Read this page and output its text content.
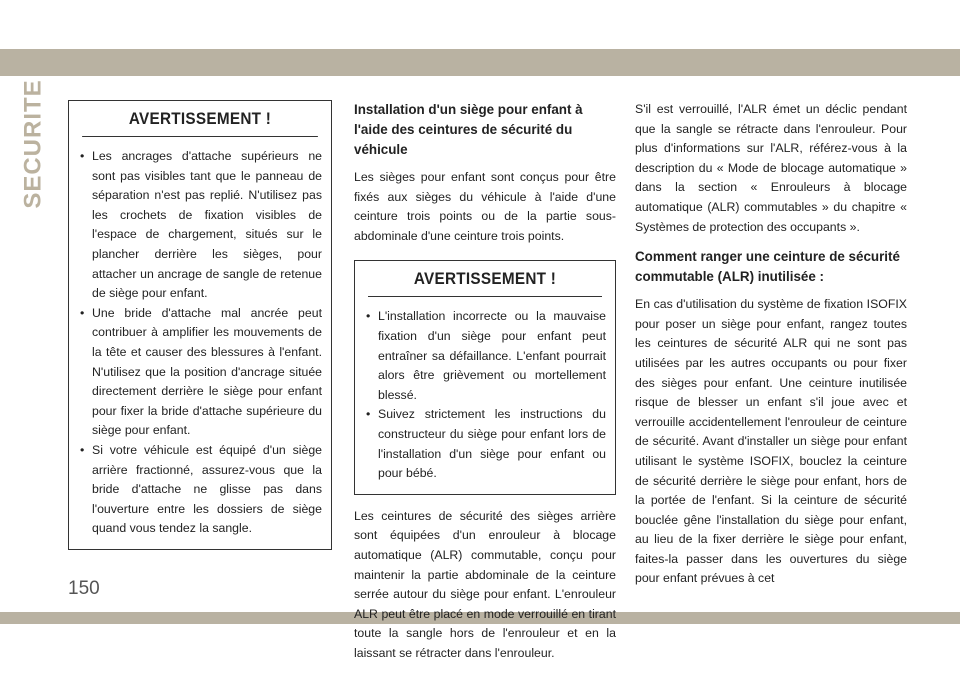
SECURITE	AVERTISSEMENT !
• Les ancrages d'attache supérieurs ne sont pas visibles tant que le panneau de séparation n'est pas replié. N'utilisez pas les crochets de fixation visibles de l'espace de chargement, situés sur le plancher derrière les sièges, pour attacher un ancrage de sangle de retenue de siège pour enfant.
• Une bride d'attache mal ancrée peut contribuer à amplifier les mouvements de la tête et causer des blessures à l'enfant. N'utilisez que la position d'ancrage située directement derrière le siège pour enfant pour fixer la bride d'attache supérieure du siège pour enfant.
• Si votre véhicule est équipé d'un siège arrière fractionné, assurez-vous que la bride d'attache ne glisse pas dans l'ouverture entre les dossiers de siège quand vous tendez la sangle.
Installation d'un siège pour enfant à l'aide des ceintures de sécurité du véhicule

Les sièges pour enfant sont conçus pour être fixés aux sièges du véhicule à l'aide d'une ceinture trois points ou de la partie sous-abdominale d'une ceinture trois points.

AVERTISSEMENT !
• L'installation incorrecte ou la mauvaise fixation d'un siège pour enfant peut entraîner sa défaillance. L'enfant pourrait alors être grièvement ou mortellement blessé.
• Suivez strictement les instructions du constructeur du siège pour enfant lors de l'installation d'un siège pour enfant ou pour bébé.

Les ceintures de sécurité des sièges arrière sont équipées d'un enrouleur à blocage automatique (ALR) commutable, conçu pour maintenir la partie abdominale de la ceinture serrée autour du siège pour enfant. L'enrouleur ALR peut être placé en mode verrouillé en tirant toute la sangle hors de l'enrouleur et en la laissant se rétracter dans l'enrouleur.

S'il est verrouillé, l'ALR émet un déclic pendant que la sangle se rétracte dans l'enrouleur. Pour plus d'informations sur l'ALR, référez-vous à la description du « Mode de blocage automatique » dans la section « Enrouleurs à blocage automatique (ALR) commutables » du chapitre « Systèmes de protection des occupants ».

Comment ranger une ceinture de sécurité commutable (ALR) inutilisée :

En cas d'utilisation du système de fixation ISOFIX pour poser un siège pour enfant, rangez toutes les ceintures de sécurité ALR qui ne sont pas utilisées par les autres occupants ou pour fixer des sièges pour enfant. Une ceinture inutilisée risque de blesser un enfant s'il joue avec et verrouille accidentellement l'enrouleur de ceinture de sécurité. Avant d'installer un siège pour enfant utilisant le système ISOFIX, bouclez la ceinture de sécurité derrière le siège pour enfant, hors de la portée de l'enfant. Si la ceinture de sécurité bouclée gêne l'installation du siège pour enfant, au lieu de la fixer derrière le siège pour enfant, faites-la passer dans les ouvertures du siège pour enfant prévues à cet

150
